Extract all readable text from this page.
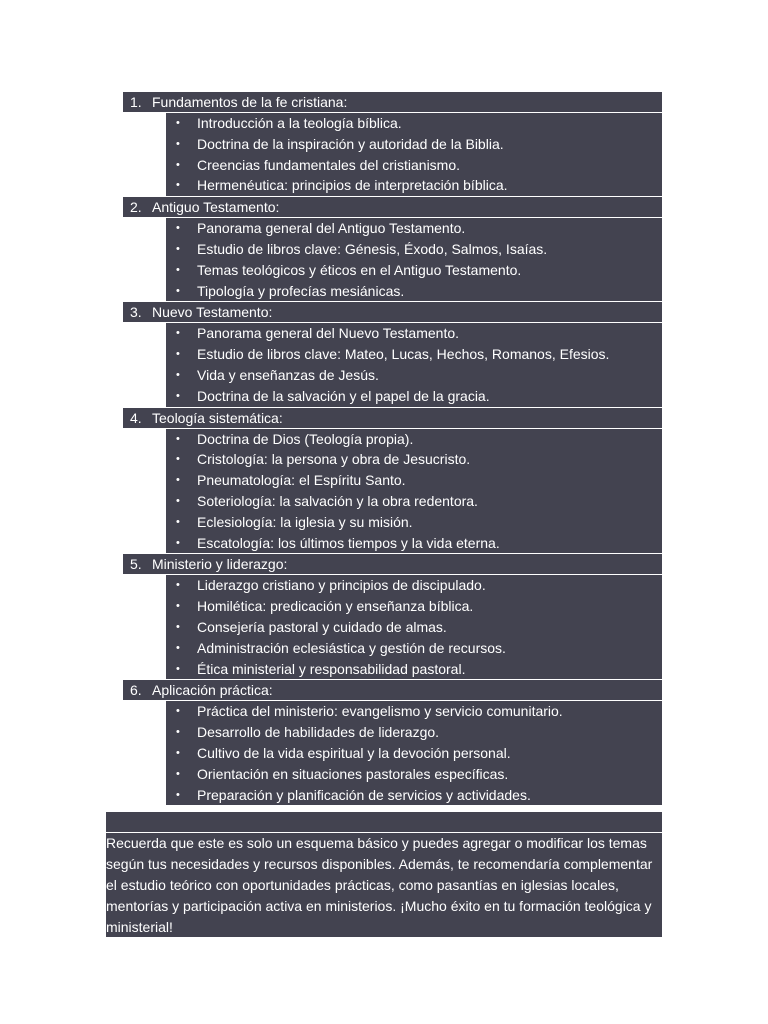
1. Fundamentos de la fe cristiana:
• Introducción a la teología bíblica.
• Doctrina de la inspiración y autoridad de la Biblia.
• Creencias fundamentales del cristianismo.
• Hermenéutica: principios de interpretación bíblica.
2. Antiguo Testamento:
• Panorama general del Antiguo Testamento.
• Estudio de libros clave: Génesis, Éxodo, Salmos, Isaías.
• Temas teológicos y éticos en el Antiguo Testamento.
• Tipología y profecías mesiánicas.
3. Nuevo Testamento:
• Panorama general del Nuevo Testamento.
• Estudio de libros clave: Mateo, Lucas, Hechos, Romanos, Efesios.
• Vida y enseñanzas de Jesús.
• Doctrina de la salvación y el papel de la gracia.
4. Teología sistemática:
• Doctrina de Dios (Teología propia).
• Cristología: la persona y obra de Jesucristo.
• Pneumatología: el Espíritu Santo.
• Soteriología: la salvación y la obra redentora.
• Eclesiología: la iglesia y su misión.
• Escatología: los últimos tiempos y la vida eterna.
5. Ministerio y liderazgo:
• Liderazgo cristiano y principios de discipulado.
• Homilética: predicación y enseñanza bíblica.
• Consejería pastoral y cuidado de almas.
• Administración eclesiástica y gestión de recursos.
• Ética ministerial y responsabilidad pastoral.
6. Aplicación práctica:
• Práctica del ministerio: evangelismo y servicio comunitario.
• Desarrollo de habilidades de liderazgo.
• Cultivo de la vida espiritual y la devoción personal.
• Orientación en situaciones pastorales específicas.
• Preparación y planificación de servicios y actividades.
Recuerda que este es solo un esquema básico y puedes agregar o modificar los temas según tus necesidades y recursos disponibles. Además, te recomendaría complementar el estudio teórico con oportunidades prácticas, como pasantías en iglesias locales, mentorías y participación activa en ministerios. ¡Mucho éxito en tu formación teológica y ministerial!
